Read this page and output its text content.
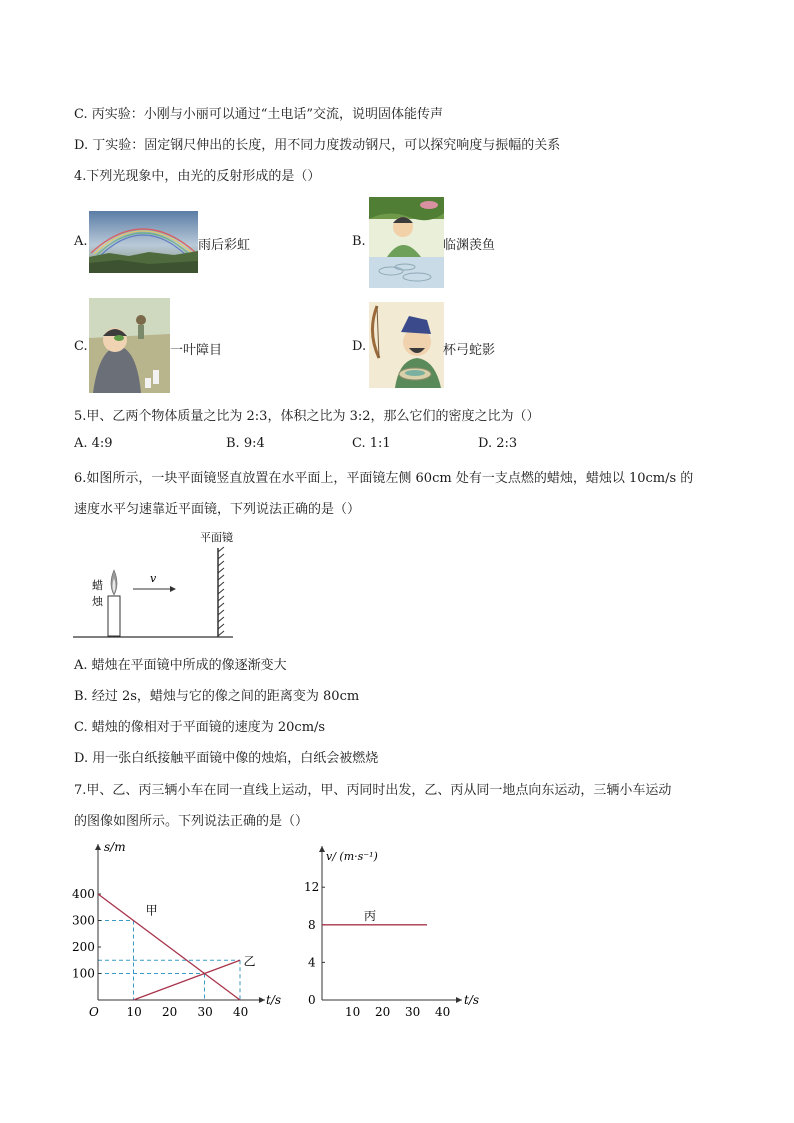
C. 丙实验：小刚与小丽可以通过“土电话”交流，说明固体能传声
D. 丁实验：固定钢尺伸出的长度，用不同力度拨动钢尺，可以探究响度与振幅的关系
4.下列光现象中，由光的反射形成的是（）
A.	雨后彩虹	B.	临渊羡鱼
C.	一叶障目	D.	杯弓蛇影
5.甲、乙两个物体质量之比为 2:3，体积之比为 3:2，那么它们的密度之比为（）
A. 4:9	B. 9:4	C. 1:1	D. 2:3
6.如图所示，一块平面镜竖直放置在水平面上，平面镜左侧 60cm 处有一支点燃的蜡烛，蜡烛以 10cm/s 的
速度水平匀速靠近平面镜，下列说法正确的是（）
平面镜
蜡
烛
v
A. 蜡烛在平面镜中所成的像逐渐变大
B. 经过 2s，蜡烛与它的像之间的距离变为 80cm
C. 蜡烛的像相对于平面镜的速度为 20cm/s
D. 用一张白纸接触平面镜中像的烛焰，白纸会被燃烧
7.甲、乙、丙三辆小车在同一直线上运动，甲、丙同时出发，乙、丙从同一地点向东运动，三辆小车运动
的图像如图所示。下列说法正确的是（）
10 20 30 40
100
200
300
400
甲
乙
s/m
t/s
O	10 20 30 40
0
4
8
12
丙
v/ (m·s⁻¹)
t/s
